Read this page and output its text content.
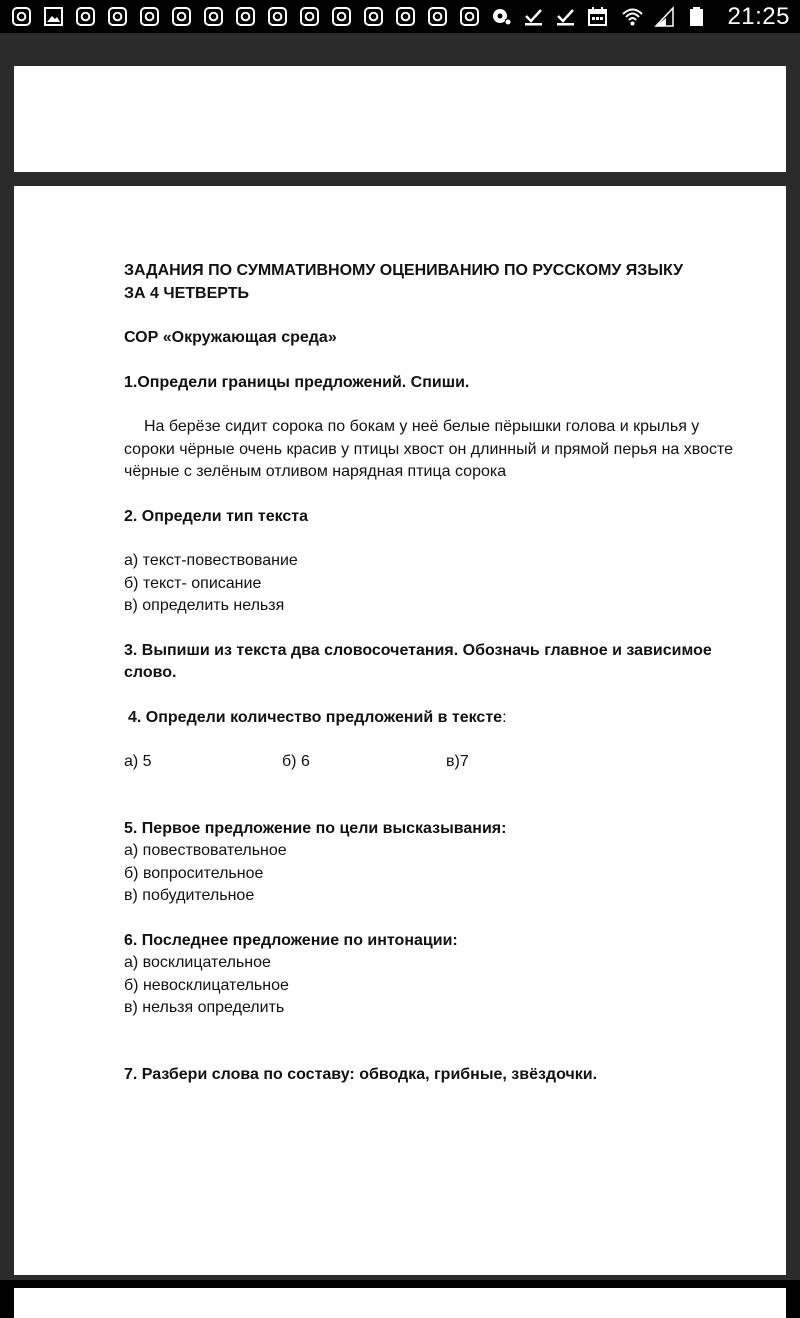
21:25

ЗАДАНИЯ ПО СУММАТИВНОМУ ОЦЕНИВАНИЮ ПО РУССКОМУ ЯЗЫКУ

ЗА 4 ЧЕТВЕРТЬ

СОР «Окружающая среда»

1.Определи границы предложений. Спиши.

На берёзе сидит сорока по бокам у неё белые пёрышки голова и крылья у сороки чёрные очень красив у птицы хвост он длинный и прямой перья на хвосте чёрные с зелёным отливом нарядная птица сорока

2. Определи тип текста

а) текст-повествование

б) текст- описание

в) определить нельзя

3. Выпиши из текста два словосочетания. Обозначь главное и зависимое слово.

4. Определи количество предложений в тексте:

а) 5	б) 6	в)7

5. Первое предложение по цели высказывания:

а) повествовательное

б) вопросительное

в) побудительное

6. Последнее предложение по интонации:

а) восклицательное

б) невосклицательное

в) нельзя определить

7. Разбери слова по составу: обводка, грибные, звёздочки.
